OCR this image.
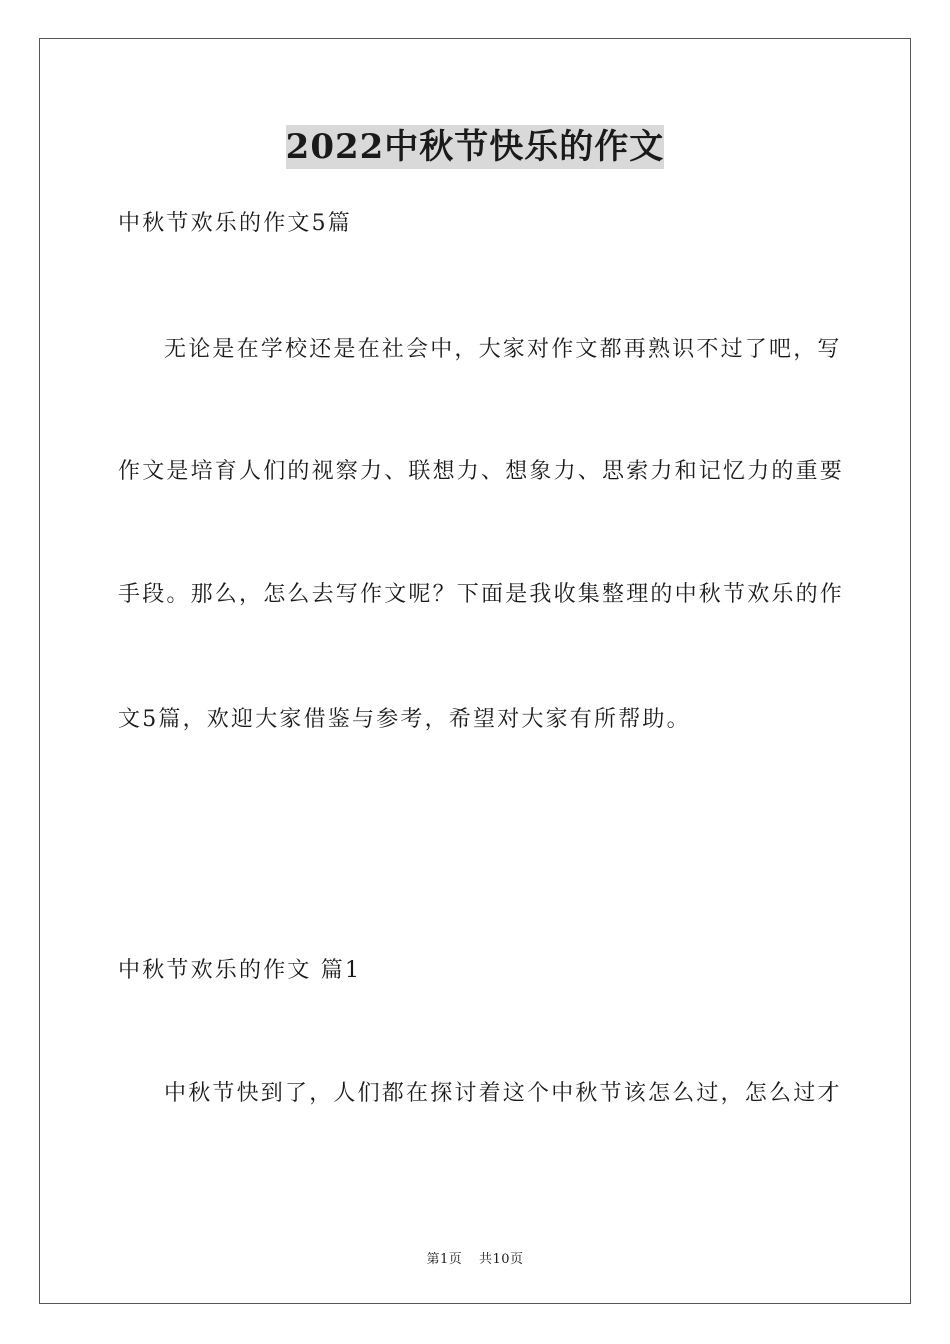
2022中秋节快乐的作文
中秋节欢乐的作文5篇
无论是在学校还是在社会中，大家对作文都再熟识不过了吧，写
作文是培育人们的视察力、联想力、想象力、思索力和记忆力的重要
手段。那么，怎么去写作文呢？下面是我收集整理的中秋节欢乐的作
文5篇，欢迎大家借鉴与参考，希望对大家有所帮助。
中秋节欢乐的作文 篇1
中秋节快到了，人们都在探讨着这个中秋节该怎么过，怎么过才
第1页 共10页
